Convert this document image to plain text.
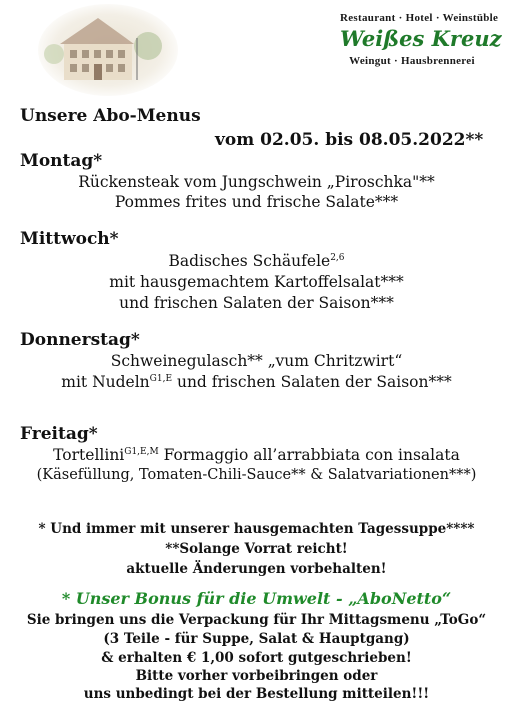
Restaurant · Hotel · Weinstüble
Weißes Kreuz
Weingut · Hausbrennerei
Unsere Abo-Menus
vom 02.05. bis 08.05.2022**
Montag*
Rückensteak vom Jungschwein „Piroschka"**
Pommes frites und frische Salate***
Mittwoch*
Badisches Schäufele$^{2,6}$
mit hausgemachtem Kartoffelsalat***
und frischen Salaten der Saison***
Donnerstag*
Schweinegulasch** „vum Chritzwirt“
mit Nudeln$^{G1,E}$ und frischen Salaten der Saison***
Freitag*
Tortellini$^{G1,E,M}$ Formaggio all’arrabbiata con insalata
(Käsefüllung, Tomaten-Chili-Sauce** & Salatvariationen***)
* Und immer mit unserer hausgemachten Tagessuppe****
**Solange Vorrat reicht!
aktuelle Änderungen vorbehalten!
* Unser Bonus für die Umwelt - „AboNetto“
Sie bringen uns die Verpackung für Ihr Mittagsmenu „ToGo“
(3 Teile - für Suppe, Salat & Hauptgang)
& erhalten € 1,00 sofort gutgeschrieben!
Bitte vorher vorbeibringen oder
uns unbedingt bei der Bestellung mitteilen!!!
